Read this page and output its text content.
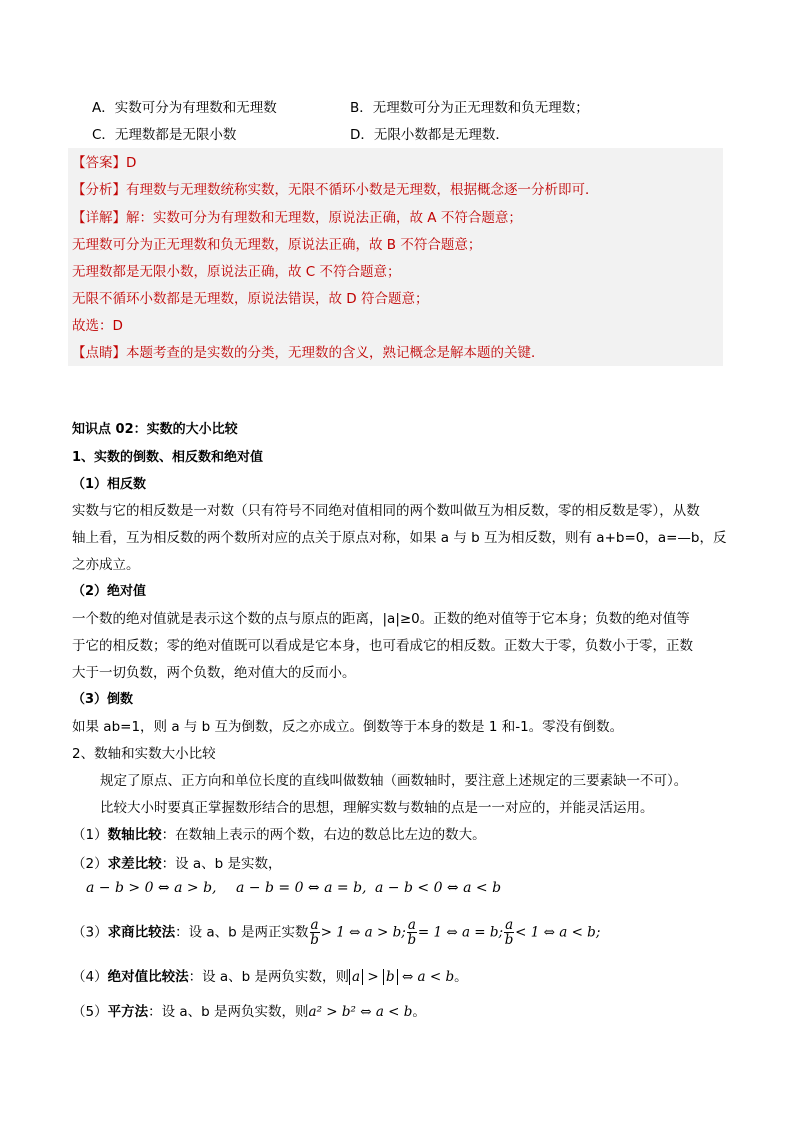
A．实数可分为有理数和无理数	B．无理数可分为正无理数和负无理数；
C．无理数都是无限小数	D．无限小数都是无理数．
【答案】D
【分析】有理数与无理数统称实数，无限不循环小数是无理数，根据概念逐一分析即可．
【详解】解：实数可分为有理数和无理数，原说法正确，故 A 不符合题意；
无理数可分为正无理数和负无理数，原说法正确，故 B 不符合题意；
无理数都是无限小数，原说法正确，故 C 不符合题意；
无限不循环小数都是无理数，原说法错误，故 D 符合题意；
故选：D
【点睛】本题考查的是实数的分类，无理数的含义，熟记概念是解本题的关键．
知识点 02：实数的大小比较
1、实数的倒数、相反数和绝对值
（1）相反数
实数与它的相反数是一对数（只有符号不同绝对值相同的两个数叫做互为相反数，零的相反数是零），从数
轴上看，互为相反数的两个数所对应的点关于原点对称，如果 a 与 b 互为相反数，则有 a+b=0，a=—b，反
之亦成立。
（2）绝对值
一个数的绝对值就是表示这个数的点与原点的距离，|a|≥0。正数的绝对值等于它本身；负数的绝对值等
于它的相反数；零的绝对值既可以看成是它本身，也可看成它的相反数。正数大于零，负数小于零，正数
大于一切负数，两个负数，绝对值大的反而小。
（3）倒数
如果 ab=1，则 a 与 b 互为倒数，反之亦成立。倒数等于本身的数是 1 和-1。零没有倒数。
2、数轴和实数大小比较
规定了原点、正方向和单位长度的直线叫做数轴（画数轴时，要注意上述规定的三要素缺一不可）。
比较大小时要真正掌握数形结合的思想，理解实数与数轴的点是一一对应的，并能灵活运用。
（1）数轴比较：在数轴上表示的两个数，右边的数总比左边的数大。
（2）求差比较：设 a、b 是实数，
a − b > 0 ⇔ a > b, a − b = 0 ⇔ a = b, a − b < 0 ⇔ a < b
（3）求商比较法：设 a、b 是两正实数 $\frac{a}{b} > 1$ ⇔ a > b; $\frac{a}{b} = 1$ ⇔ a = b; $\frac{a}{b} < 1$ ⇔ a < b;
（4）绝对值比较法：设 a、b 是两负实数，则 a > b ⇔ a < b。
（5）平方法：设 a、b 是两负实数，则a² > b² ⇔ a < b。
